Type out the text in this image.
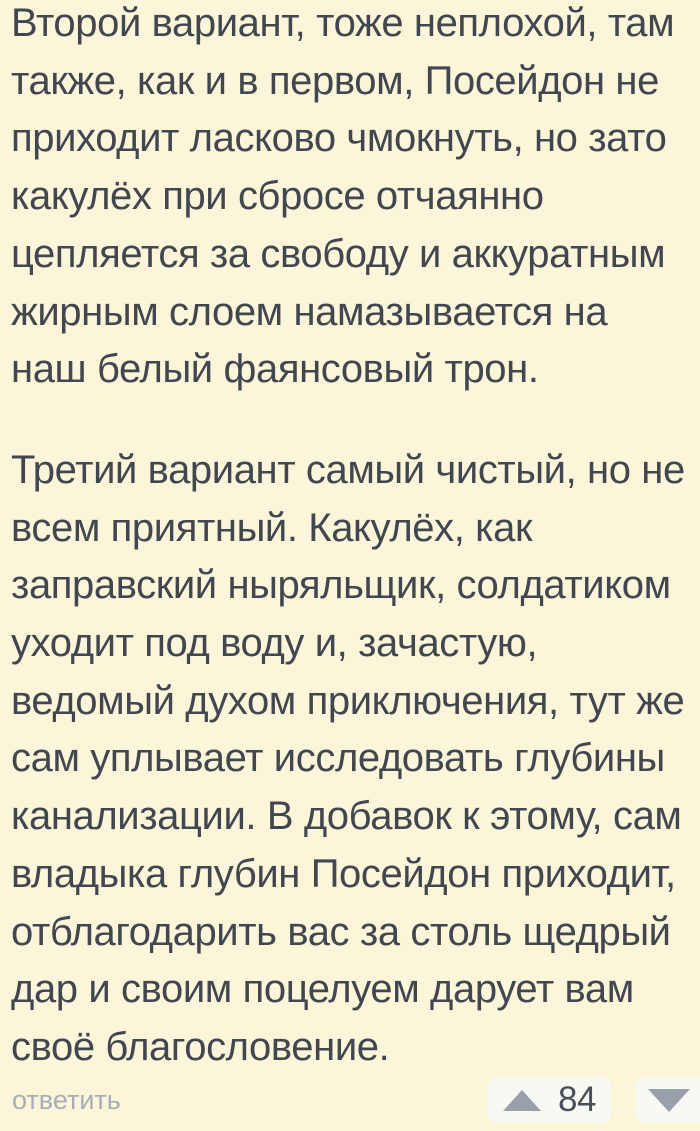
Второй вариант, тоже неплохой, там также, как и в первом, Посейдон не приходит ласково чмокнуть, но зато какулёх при сбросе отчаянно цепляется за свободу и аккуратным жирным слоем намазывается на наш белый фаянсовый трон.

Третий вариант самый чистый, но не всем приятный. Какулёх, как заправский ныряльщик, солдатиком уходит под воду и, зачастую, ведомый духом приключения, тут же сам уплывает исследовать глубины канализации. В добавок к этому, сам владыка глубин Посейдон приходит, отблагодарить вас за столь щедрый дар и своим поцелуем дарует вам своё благословение.

ответить	84
